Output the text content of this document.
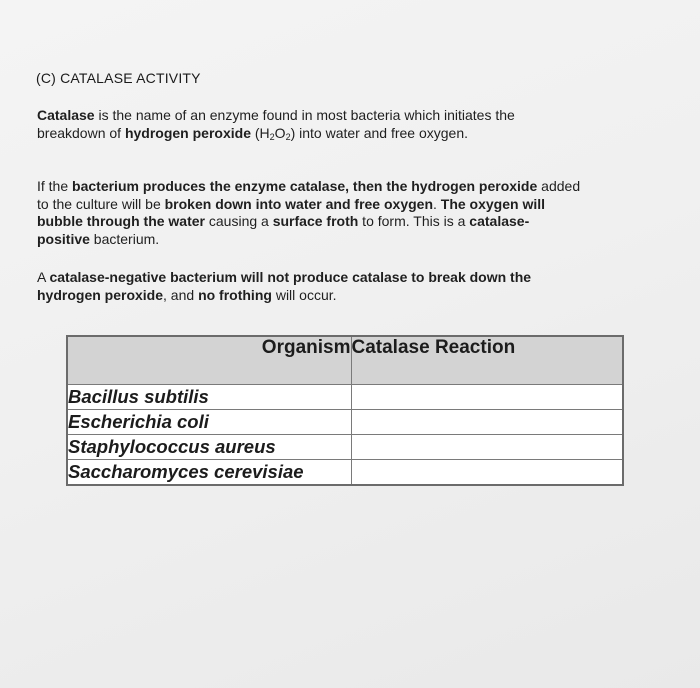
(C) CATALASE ACTIVITY
Catalase is the name of an enzyme found in most bacteria which initiates the
breakdown of hydrogen peroxide $(H_2O_2)$ into water and free oxygen.
If the bacterium produces the enzyme catalase, then the hydrogen peroxide added
to the culture will be broken down into water and free oxygen. The oxygen will
bubble through the water causing a surface froth to form. This is a catalase-
positive bacterium.
A catalase-negative bacterium will not produce catalase to break down the
hydrogen peroxide, and no frothing will occur.
Organism	Catalase Reaction
Bacillus subtilis	
Escherichia coli	
Staphylococcus aureus	
Saccharomyces cerevisiae	
